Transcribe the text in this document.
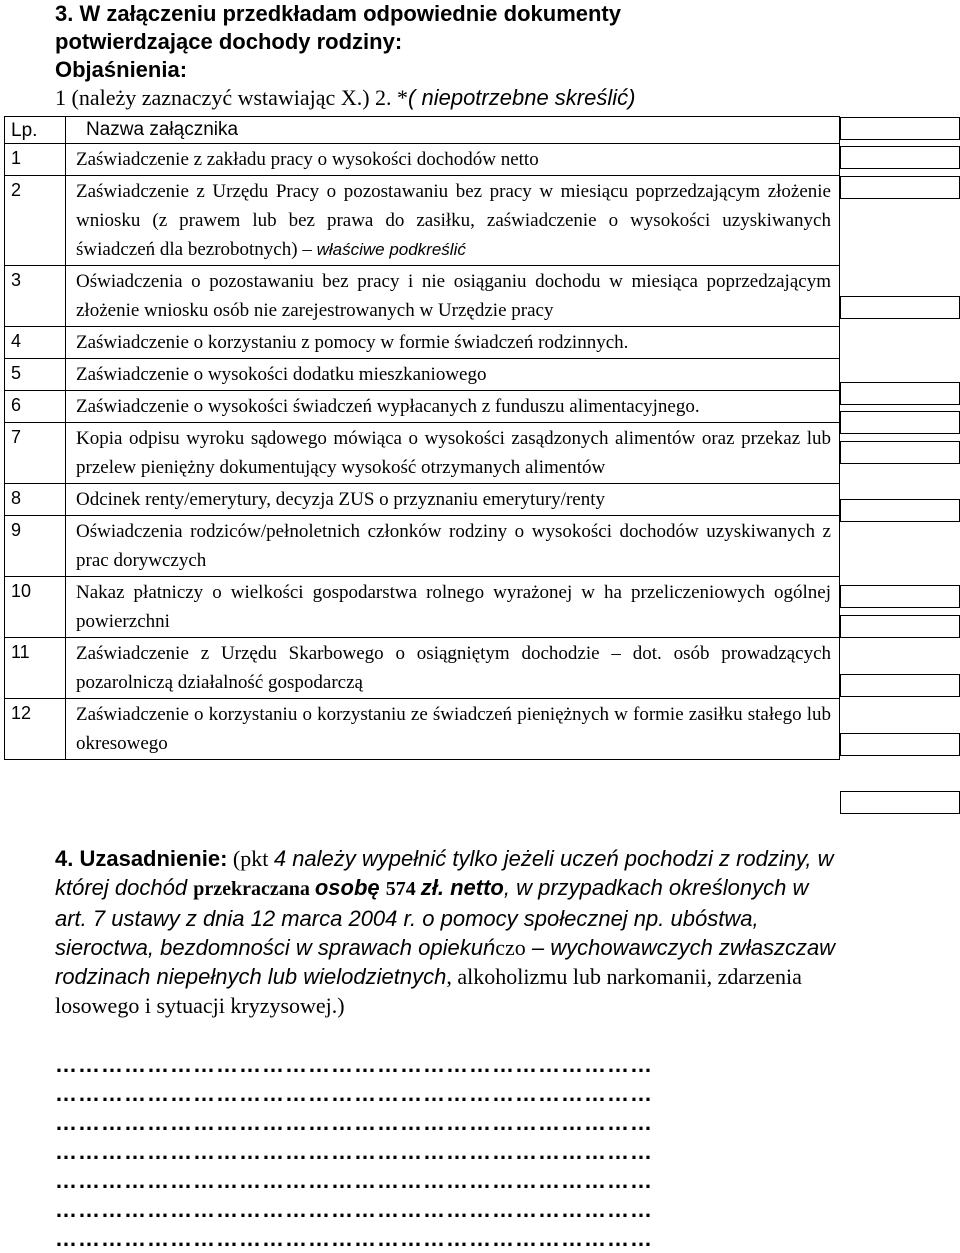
3. W załączeniu przedkładam odpowiednie dokumenty
potwierdzające dochody rodziny:
Objaśnienia:
1 (należy zaznaczyć wstawiając X.) 2. *( niepotrzebne skreślić)
Lp.	Nazwa załącznika
1	Zaświadczenie z zakładu pracy o wysokości dochodów netto
2	Zaświadczenie z Urzędu Pracy o pozostawaniu bez pracy w miesiącu poprzedzającym złożenie wniosku (z prawem lub bez prawa do zasiłku, zaświadczenie o wysokości uzyskiwanych świadczeń dla bezrobotnych) – właściwe podkreślić
3	Oświadczenia o pozostawaniu bez pracy i nie osiąganiu dochodu w miesiąca poprzedzającym złożenie wniosku osób nie zarejestrowanych w Urzędzie pracy
4	Zaświadczenie o korzystaniu z pomocy w formie świadczeń rodzinnych.
5	Zaświadczenie o wysokości dodatku mieszkaniowego
6	Zaświadczenie o wysokości świadczeń wypłacanych z funduszu alimentacyjnego.
7	Kopia odpisu wyroku sądowego mówiąca o wysokości zasądzonych alimentów oraz przekaz lub przelew pieniężny dokumentujący wysokość otrzymanych alimentów
8	Odcinek renty/emerytury, decyzja ZUS o przyznaniu emerytury/renty
9	Oświadczenia rodziców/pełnoletnich członków rodziny o wysokości dochodów uzyskiwanych z prac dorywczych
10	Nakaz płatniczy o wielkości gospodarstwa rolnego wyrażonej w ha przeliczeniowych ogólnej powierzchni
11	Zaświadczenie z Urzędu Skarbowego o osiągniętym dochodzie – dot. osób prowadzących pozarolniczą działalność gospodarczą
12	Zaświadczenie o korzystaniu o korzystaniu ze świadczeń pieniężnych w formie zasiłku stałego lub okresowego
4. Uzasadnienie: (pkt 4 należy wypełnić tylko jeżeli uczeń pochodzi z rodziny, w której dochód przekraczana osobę 574 zł. netto, w przypadkach określonych w art. 7 ustawy z dnia 12 marca 2004 r. o pomocy społecznej np. ubóstwa, sieroctwa, bezdomności w sprawach opiekuńczo – wychowawczych zwłaszczaw rodzinach niepełnych lub wielodzietnych, alkoholizmu lub narkomanii, zdarzenia losowego i sytuacji kryzysowej.)
……………………………………………………………………
……………………………………………………………………
……………………………………………………………………
……………………………………………………………………
……………………………………………………………………
……………………………………………………………………
……………………………………………………………………
